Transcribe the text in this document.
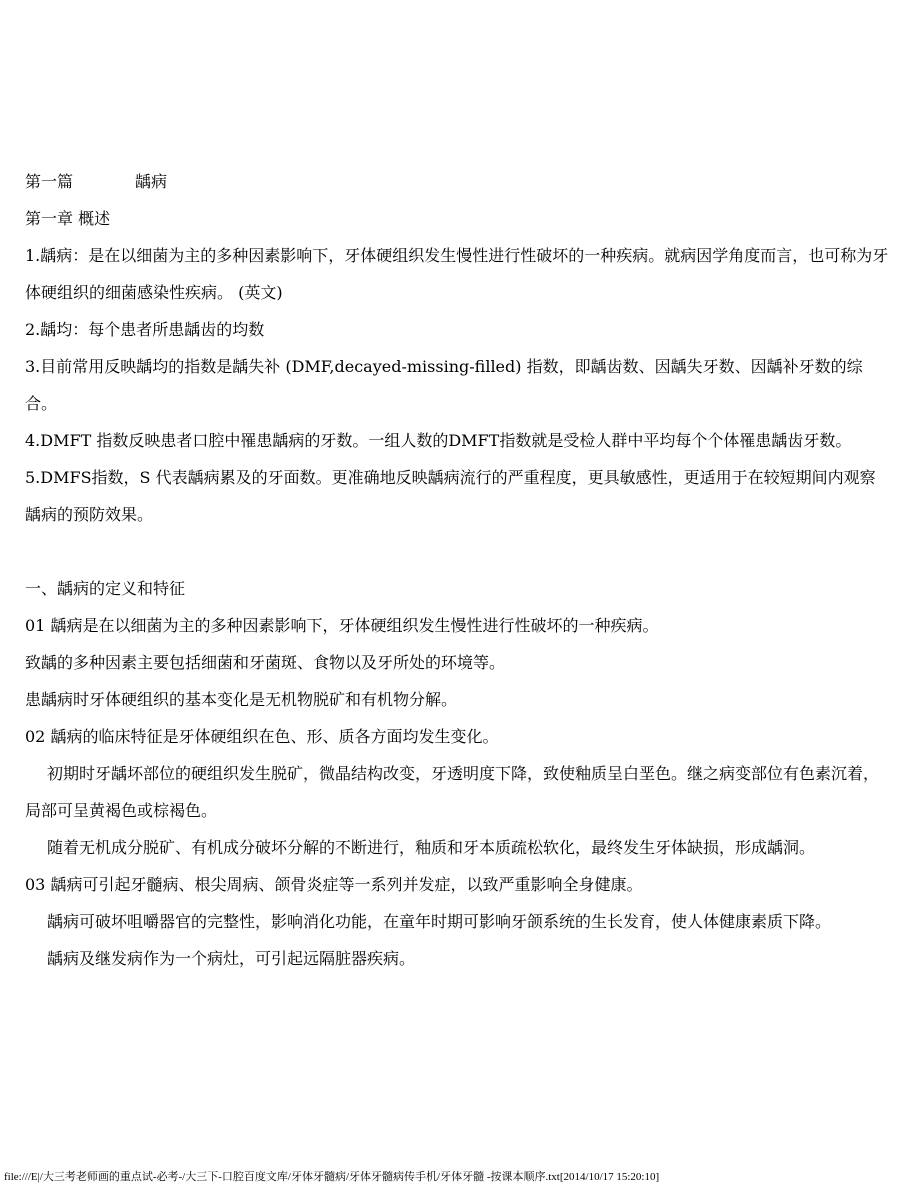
第一篇	龋病

第一章 概述

1.龋病：是在以细菌为主的多种因素影响下，牙体硬组织发生慢性进行性破坏的一种疾病。就病因学角度而言，也可称为牙体硬组织的细菌感染性疾病。 (英文)

2.龋均：每个患者所患龋齿的均数

3.目前常用反映龋均的指数是龋失补 (DMF,decayed-missing-filled) 指数，即龋齿数、因龋失牙数、因龋补牙数的综合。

4.DMFT 指数反映患者口腔中罹患龋病的牙数。一组人数的DMFT指数就是受检人群中平均每个个体罹患龋齿牙数。

5.DMFS指数，S 代表龋病累及的牙面数。更准确地反映龋病流行的严重程度，更具敏感性，更适用于在较短期间内观察龋病的预防效果。

一、龋病的定义和特征

01 龋病是在以细菌为主的多种因素影响下，牙体硬组织发生慢性进行性破坏的一种疾病。

致龋的多种因素主要包括细菌和牙菌斑、食物以及牙所处的环境等。

患龋病时牙体硬组织的基本变化是无机物脱矿和有机物分解。

02 龋病的临床特征是牙体硬组织在色、形、质各方面均发生变化。

初期时牙龋坏部位的硬组织发生脱矿，微晶结构改变，牙透明度下降，致使釉质呈白垩色。继之病变部位有色素沉着，局部可呈黄褐色或棕褐色。

随着无机成分脱矿、有机成分破坏分解的不断进行，釉质和牙本质疏松软化，最终发生牙体缺损，形成龋洞。

03 龋病可引起牙髓病、根尖周病、颌骨炎症等一系列并发症，以致严重影响全身健康。

龋病可破坏咀嚼器官的完整性，影响消化功能，在童年时期可影响牙颌系统的生长发育，使人体健康素质下降。

龋病及继发病作为一个病灶，可引起远隔脏器疾病。

file:///E|/大三考老师画的重点试-必考-/大三下-口腔百度文库/牙体牙髓病/牙体牙髓病传手机/牙体牙髓 -按课本顺序.txt[2014/10/17 15:20:10]
